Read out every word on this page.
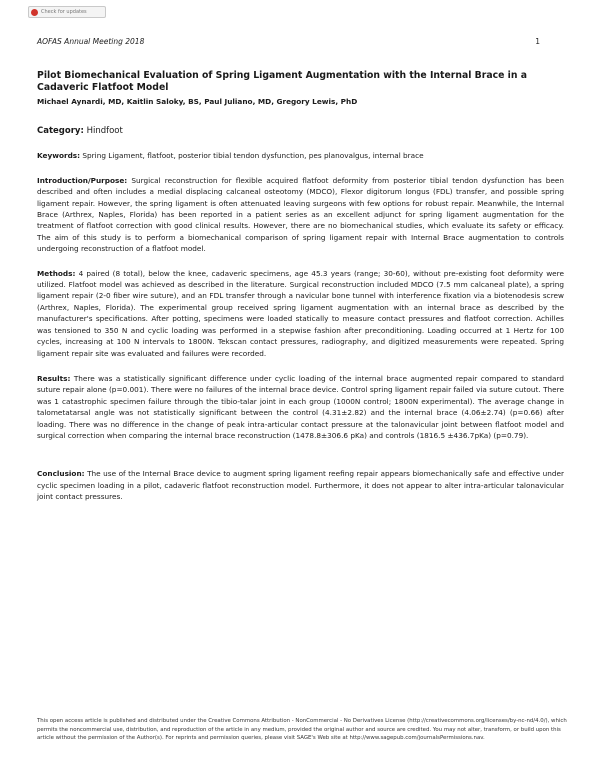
Check for updates
AOFAS Annual Meeting 2018	1
Pilot Biomechanical Evaluation of Spring Ligament Augmentation with the Internal Brace in a Cadaveric Flatfoot Model
Michael Aynardi, MD, Kaitlin Saloky, BS, Paul Juliano, MD, Gregory Lewis, PhD

Category: Hindfoot

Keywords: Spring Ligament, flatfoot, posterior tibial tendon dysfunction, pes planovalgus, internal brace

Introduction/Purpose: Surgical reconstruction for flexible acquired flatfoot deformity from posterior tibial tendon dysfunction has been described and often includes a medial displacing calcaneal osteotomy (MDCO), Flexor digitorum longus (FDL) transfer, and possible spring ligament repair. However, the spring ligament is often attenuated leaving surgeons with few options for robust repair. Meanwhile, the Internal Brace (Arthrex, Naples, Florida) has been reported in a patient series as an excellent adjunct for spring ligament augmentation for the treatment of flatfoot correction with good clinical results. However, there are no biomechanical studies, which evaluate its safety or efficacy. The aim of this study is to perform a biomechanical comparison of spring ligament repair with Internal Brace augmentation to controls undergoing reconstruction of a flatfoot model.

Methods: 4 paired (8 total), below the knee, cadaveric specimens, age 45.3 years (range; 30-60), without pre-existing foot deformity were utilized. Flatfoot model was achieved as described in the literature. Surgical reconstruction included MDCO (7.5 mm calcaneal plate), a spring ligament repair (2-0 fiber wire suture), and an FDL transfer through a navicular bone tunnel with interference fixation via a biotenodesis screw (Arthrex, Naples, Florida). The experimental group received spring ligament augmentation with an internal brace as described by the manufacturer's specifications. After potting, specimens were loaded statically to measure contact pressures and flatfoot correction. Achilles was tensioned to 350 N and cyclic loading was performed in a stepwise fashion after preconditioning. Loading occurred at 1 Hertz for 100 cycles, increasing at 100 N intervals to 1800N. Tekscan contact pressures, radiography, and digitized measurements were repeated. Spring ligament repair site was evaluated and failures were recorded.

Results: There was a statistically significant difference under cyclic loading of the internal brace augmented repair compared to standard suture repair alone (p=0.001). There were no failures of the internal brace device. Control spring ligament repair failed via suture cutout. There was 1 catastrophic specimen failure through the tibio-talar joint in each group (1000N control; 1800N experimental). The average change in talometatarsal angle was not statistically significant between the control (4.31±2.82) and the internal brace (4.06±2.74) (p=0.66) after loading. There was no difference in the change of peak intra-articular contact pressure at the talonavicular joint between flatfoot model and surgical correction when comparing the internal brace reconstruction (1478.8±306.6 pKa) and controls (1816.5 ±436.7pKa) (p=0.79).

Conclusion: The use of the Internal Brace device to augment spring ligament reefing repair appears biomechanically safe and effective under cyclic specimen loading in a pilot, cadaveric flatfoot reconstruction model. Furthermore, it does not appear to alter intra-articular talonavicular joint contact pressures.

This open access article is published and distributed under the Creative Commons Attribution - NonCommercial - No Derivatives License (http://creativecommons.org/licenses/by-nc-nd/4.0/), which permits the noncommercial use, distribution, and reproduction of the article in any medium, provided the original author and source are credited. You may not alter, transform, or build upon this article without the permission of the Author(s). For reprints and permission queries, please visit SAGE's Web site at http://www.sagepub.com/journalsPermissions.nav.
